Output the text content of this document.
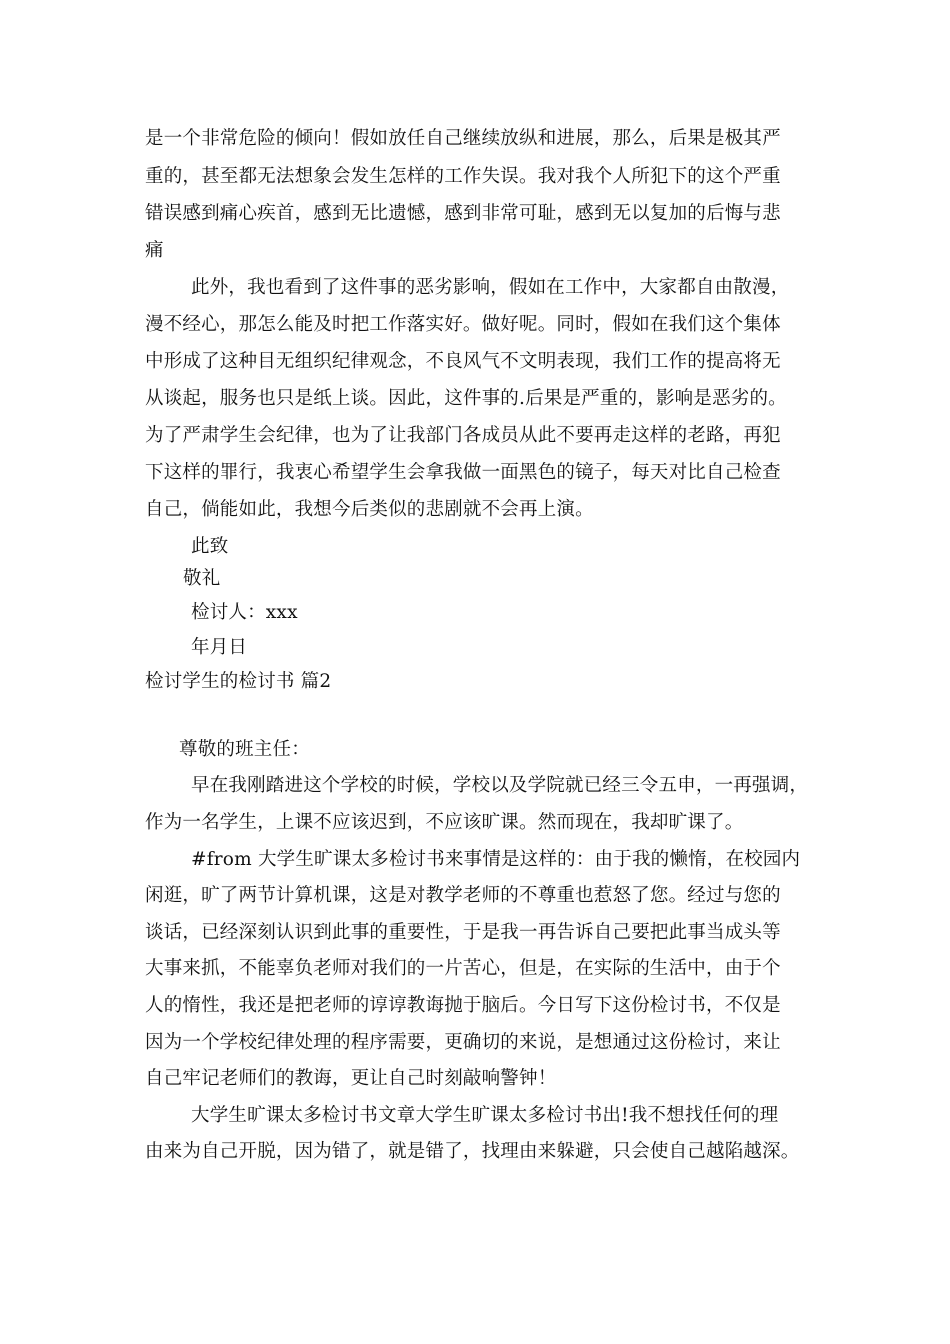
是一个非常危险的倾向！假如放任自己继续放纵和进展，那么，后果是极其严
重的，甚至都无法想象会发生怎样的工作失误。我对我个人所犯下的这个严重
错误感到痛心疾首，感到无比遗憾，感到非常可耻，感到无以复加的后悔与悲
痛
此外，我也看到了这件事的恶劣影响，假如在工作中，大家都自由散漫，
漫不经心，那怎么能及时把工作落实好。做好呢。同时，假如在我们这个集体
中形成了这种目无组织纪律观念，不良风气不文明表现，我们工作的提高将无
从谈起，服务也只是纸上谈。因此，这件事的.后果是严重的，影响是恶劣的。
为了严肃学生会纪律，也为了让我部门各成员从此不要再走这样的老路，再犯
下这样的罪行，我衷心希望学生会拿我做一面黑色的镜子，每天对比自己检查
自己，倘能如此，我想今后类似的悲剧就不会再上演。
此致
敬礼
检讨人：xxx
年月日
检讨学生的检讨书 篇2
尊敬的班主任：
早在我刚踏进这个学校的时候，学校以及学院就已经三令五申，一再强调，
作为一名学生，上课不应该迟到，不应该旷课。然而现在，我却旷课了。
#from 大学生旷课太多检讨书来事情是这样的：由于我的懒惰，在校园内
闲逛，旷了两节计算机课，这是对教学老师的不尊重也惹怒了您。经过与您的
谈话，已经深刻认识到此事的重要性，于是我一再告诉自己要把此事当成头等
大事来抓，不能辜负老师对我们的一片苦心，但是，在实际的生活中，由于个
人的惰性，我还是把老师的谆谆教诲抛于脑后。今日写下这份检讨书，不仅是
因为一个学校纪律处理的程序需要，更确切的来说，是想通过这份检讨，来让
自己牢记老师们的教诲，更让自己时刻敲响警钟！
大学生旷课太多检讨书文章大学生旷课太多检讨书出!我不想找任何的理
由来为自己开脱，因为错了，就是错了，找理由来躲避，只会使自己越陷越深。
